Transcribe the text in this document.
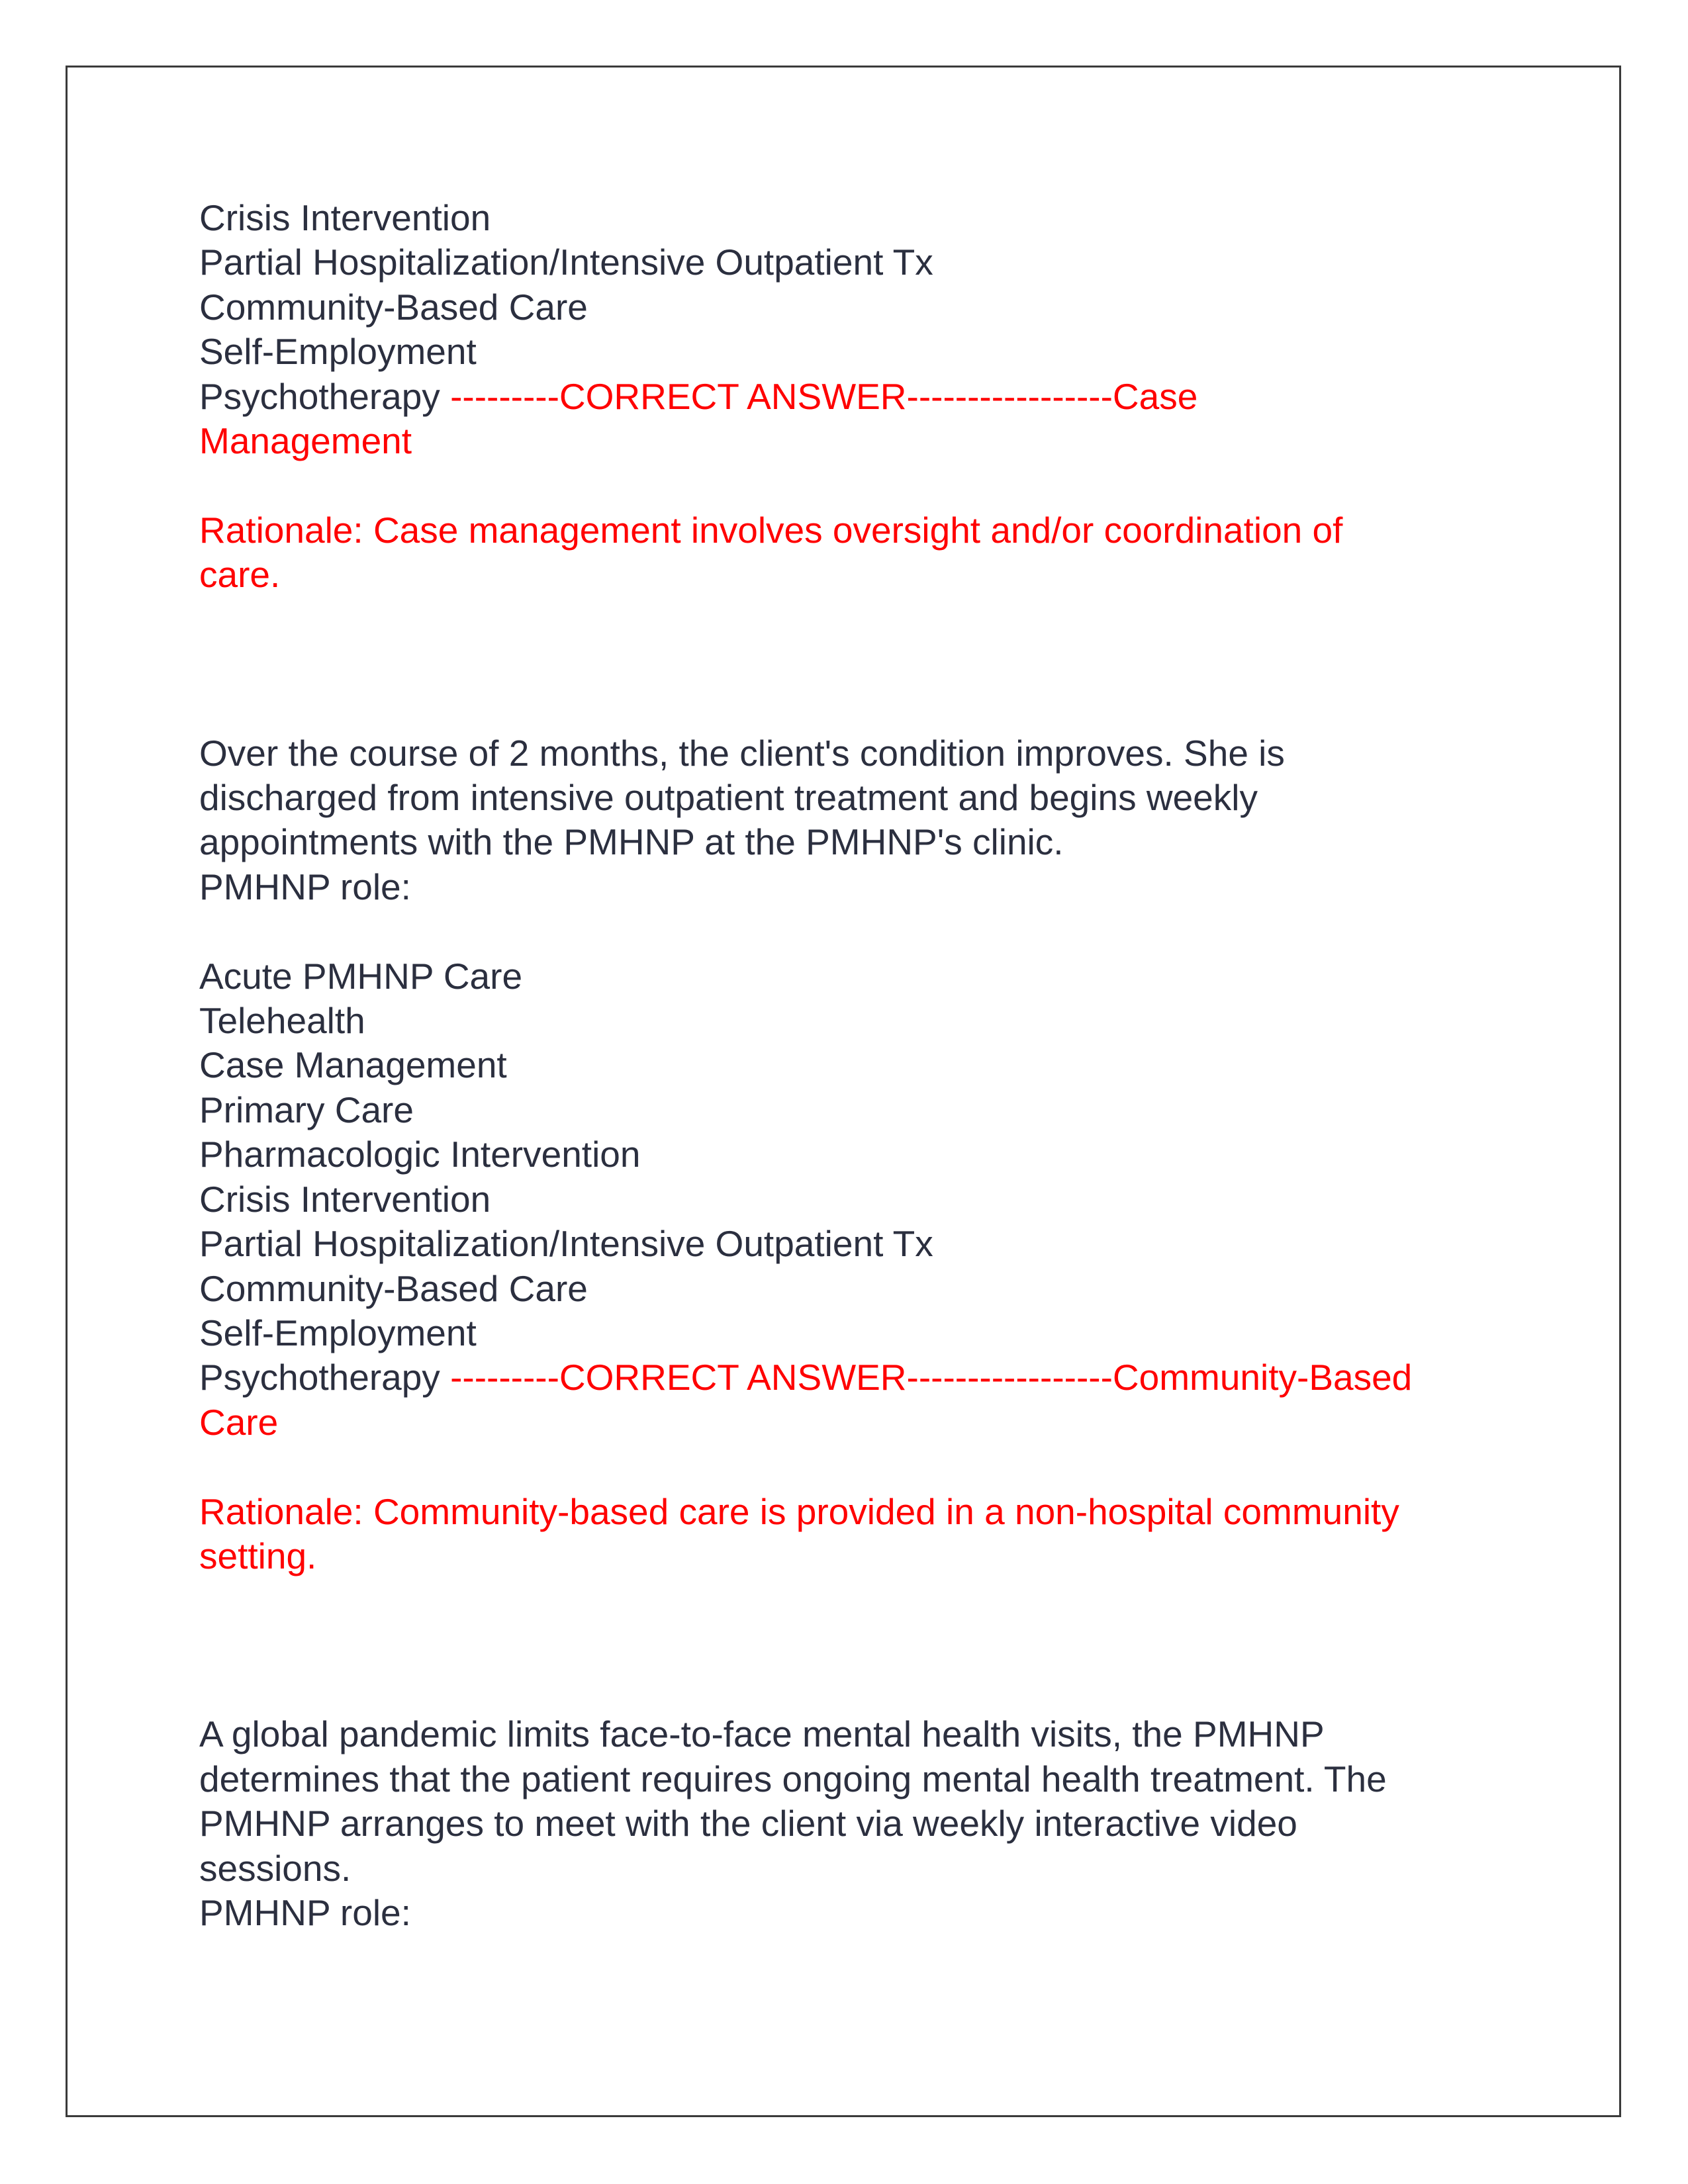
Crisis Intervention
Partial Hospitalization/Intensive Outpatient Tx
Community-Based Care
Self-Employment
Psychotherapy ---------CORRECT ANSWER-----------------Case
Management
Rationale: Case management involves oversight and/or coordination of
care.
Over the course of 2 months, the client's condition improves. She is
discharged from intensive outpatient treatment and begins weekly
appointments with the PMHNP at the PMHNP's clinic.
PMHNP role:
Acute PMHNP Care
Telehealth
Case Management
Primary Care
Pharmacologic Intervention
Crisis Intervention
Partial Hospitalization/Intensive Outpatient Tx
Community-Based Care
Self-Employment
Psychotherapy ---------CORRECT ANSWER-----------------Community-Based
Care
Rationale: Community-based care is provided in a non-hospital community
setting.
A global pandemic limits face-to-face mental health visits, the PMHNP
determines that the patient requires ongoing mental health treatment. The
PMHNP arranges to meet with the client via weekly interactive video
sessions.
PMHNP role:
